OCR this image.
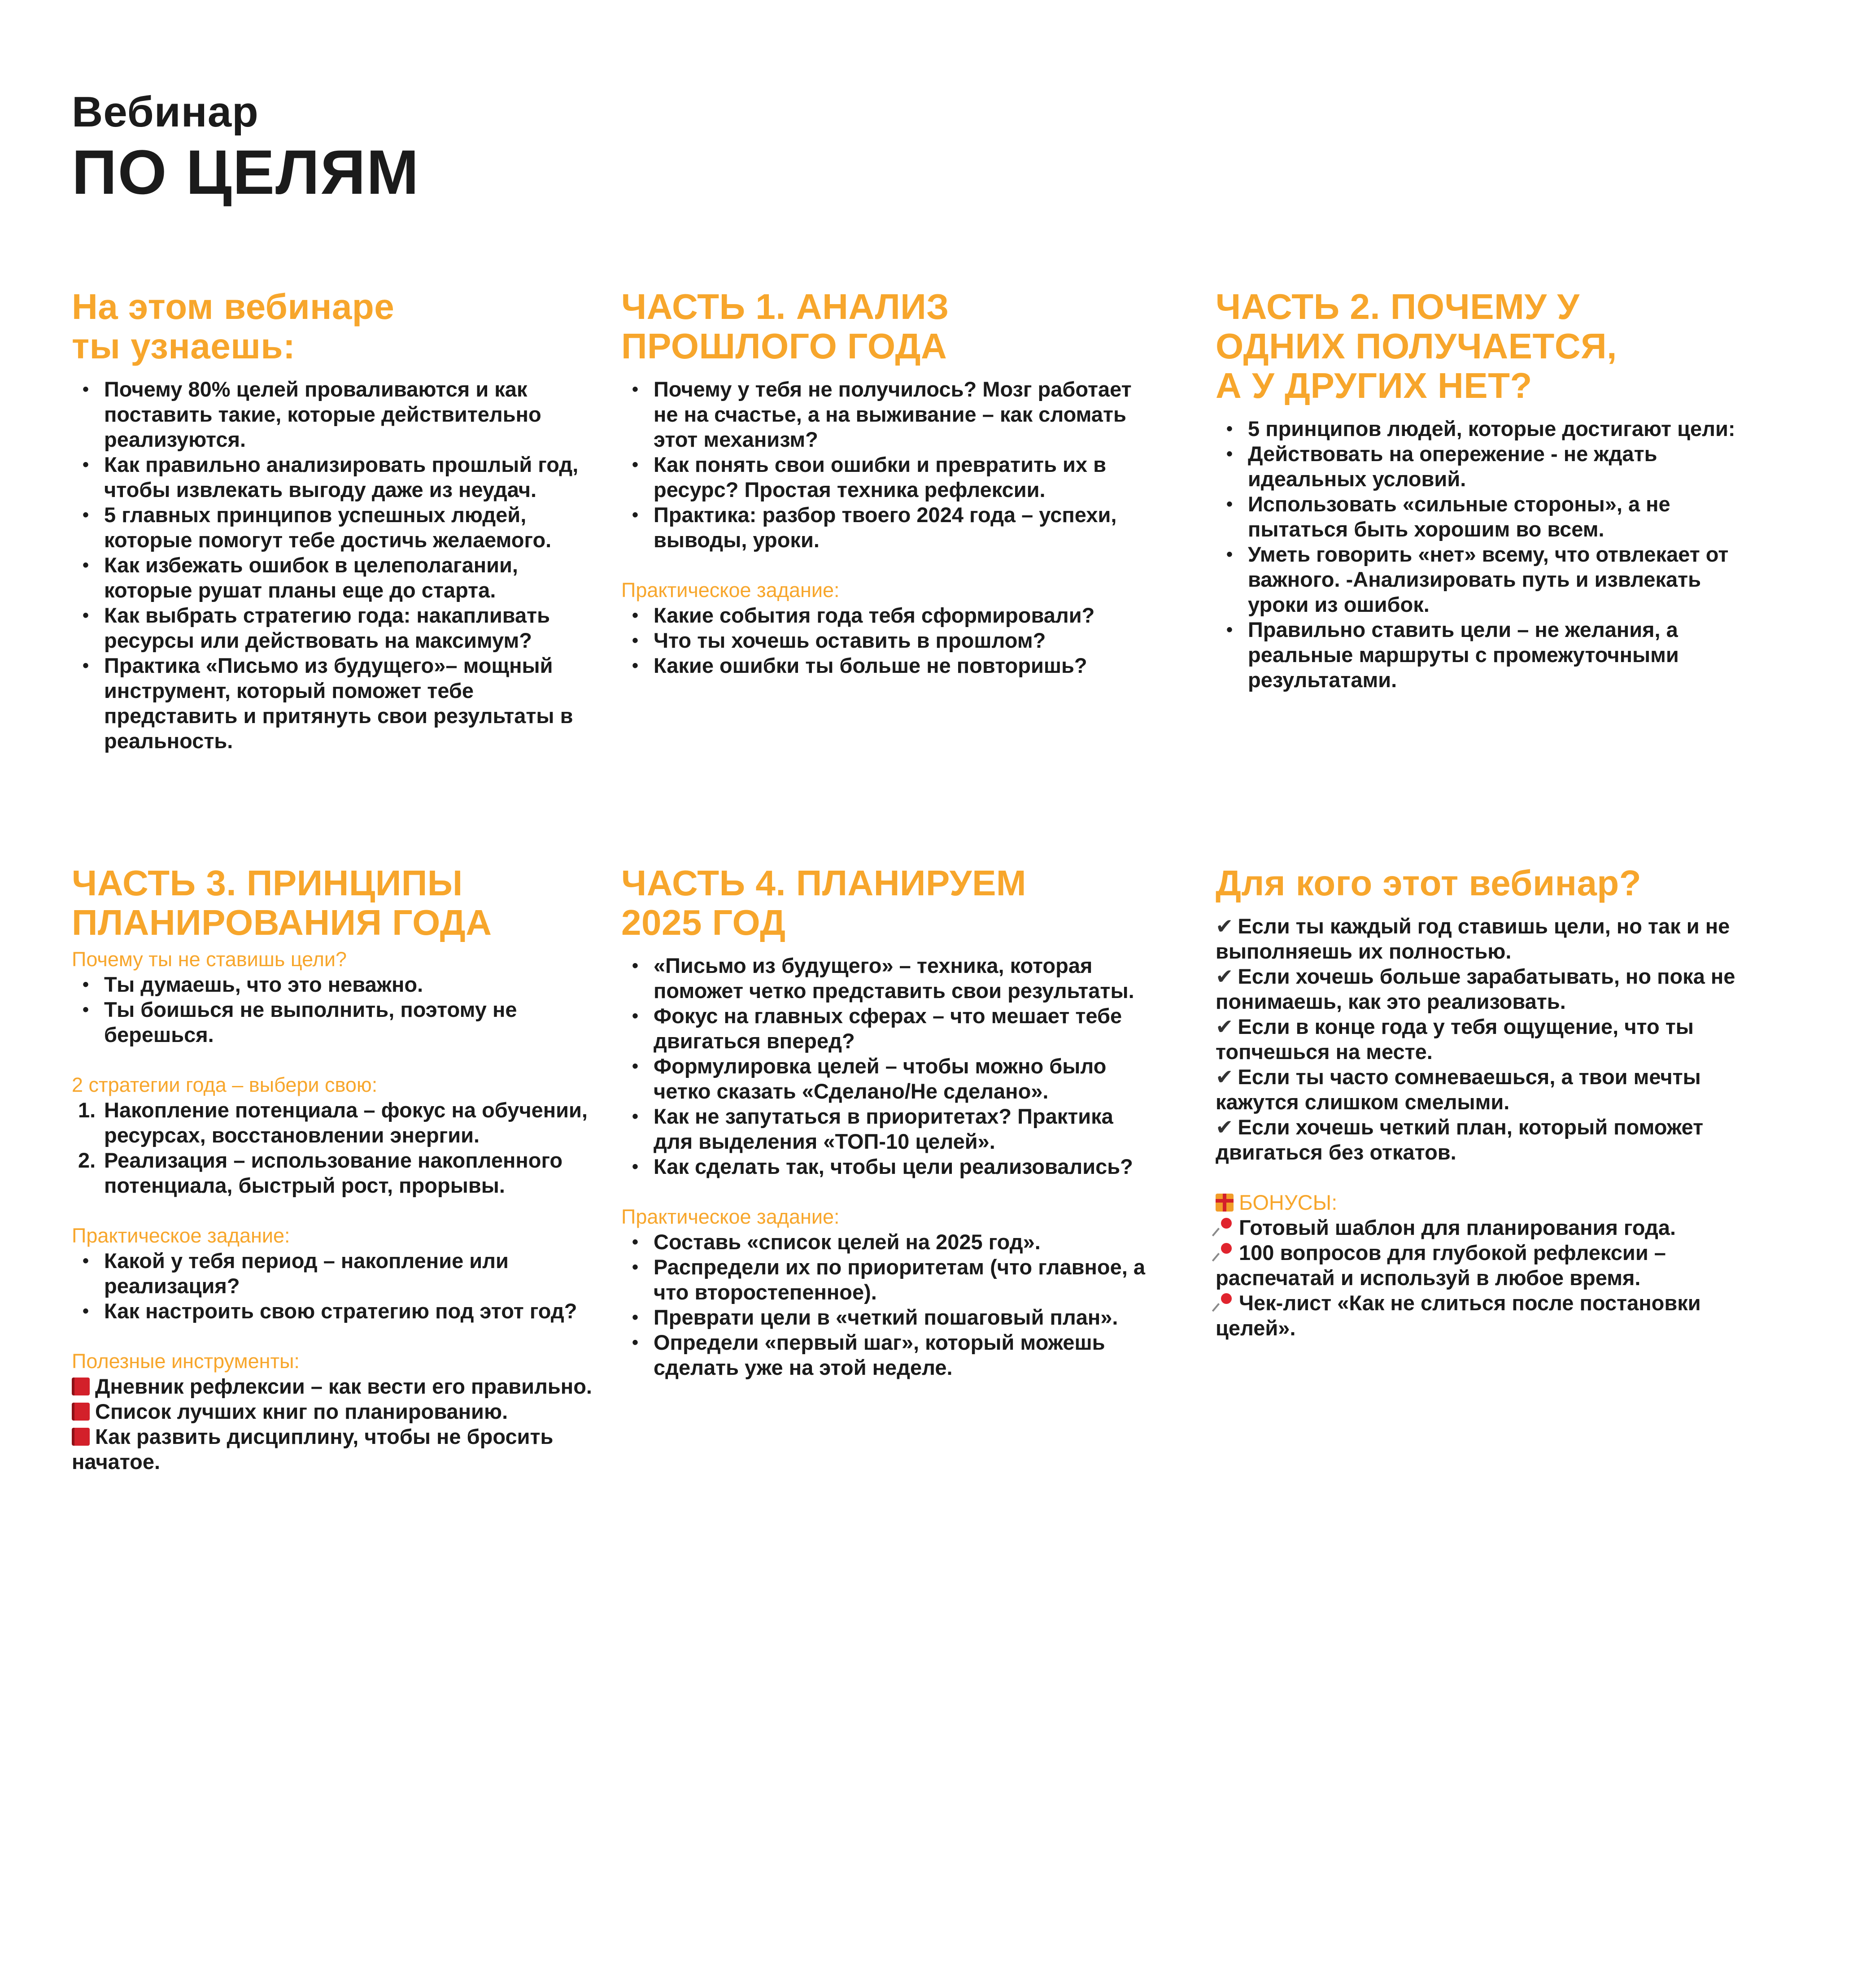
Вебинар
ПО ЦЕЛЯМ
На этом вебинаре
ты узнаешь:
• Почему 80% целей проваливаются и как поставить такие, которые действительно реализуются.
• Как правильно анализировать прошлый год, чтобы извлекать выгоду даже из неудач.
• 5 главных принципов успешных людей, которые помогут тебе достичь желаемого.
• Как избежать ошибок в целеполагании, которые рушат планы еще до старта.
• Как выбрать стратегию года: накапливать ресурсы или действовать на максимум?
• Практика «Письмо из будущего»– мощный инструмент, который поможет тебе представить и притянуть свои результаты в реальность.
ЧАСТЬ 1. АНАЛИЗ
ПРОШЛОГО ГОДА
• Почему у тебя не получилось? Мозг работает не на счастье, а на выживание – как сломать этот механизм?
• Как понять свои ошибки и превратить их в ресурс? Простая техника рефлексии.
• Практика: разбор твоего 2024 года – успехи, выводы, уроки.
Практическое задание:
• Какие события года тебя сформировали?
• Что ты хочешь оставить в прошлом?
• Какие ошибки ты больше не повторишь?
ЧАСТЬ 2. ПОЧЕМУ У
ОДНИХ ПОЛУЧАЕТСЯ,
А У ДРУГИХ НЕТ?
• 5 принципов людей, которые достигают цели:
• Действовать на опережение - не ждать идеальных условий.
• Использовать «сильные стороны», а не пытаться быть хорошим во всем.
• Уметь говорить «нет» всему, что отвлекает от важного. -Анализировать путь и извлекать уроки из ошибок.
• Правильно ставить цели – не желания, а реальные маршруты с промежуточными результатами.
ЧАСТЬ 3. ПРИНЦИПЫ
ПЛАНИРОВАНИЯ ГОДА
Почему ты не ставишь цели?
• Ты думаешь, что это неважно.
• Ты боишься не выполнить, поэтому не берешься.
2 стратегии года – выбери свою:
1. Накопление потенциала – фокус на обучении, ресурсах, восстановлении энергии.
2. Реализация – использование накопленного потенциала, быстрый рост, прорывы.
Практическое задание:
• Какой у тебя период – накопление или реализация?
• Как настроить свою стратегию под этот год?
Полезные инструменты:
Дневник рефлексии – как вести его правильно.
Список лучших книг по планированию.
Как развить дисциплину, чтобы не бросить начатое.
ЧАСТЬ 4. ПЛАНИРУЕМ
2025 ГОД
• «Письмо из будущего» – техника, которая поможет четко представить свои результаты.
• Фокус на главных сферах – что мешает тебе двигаться вперед?
• Формулировка целей – чтобы можно было четко сказать «Сделано/Не сделано».
• Как не запутаться в приоритетах? Практика для выделения «ТОП-10 целей».
• Как сделать так, чтобы цели реализовались?
Практическое задание:
• Составь «список целей на 2025 год».
• Распредели их по приоритетам (что главное, а что второстепенное).
• Преврати цели в «четкий пошаговый план».
• Определи «первый шаг», который можешь сделать уже на этой неделе.
Для кого этот вебинар?
✔ Если ты каждый год ставишь цели, но так и не выполняешь их полностью.
✔ Если хочешь больше зарабатывать, но пока не понимаешь, как это реализовать.
✔ Если в конце года у тебя ощущение, что ты топчешься на месте.
✔ Если ты часто сомневаешься, а твои мечты кажутся слишком смелыми.
✔ Если хочешь четкий план, который поможет двигаться без откатов.
БОНУСЫ:
Готовый шаблон для планирования года.
100 вопросов для глубокой рефлексии – распечатай и используй в любое время.
Чек-лист «Как не слиться после постановки целей».
